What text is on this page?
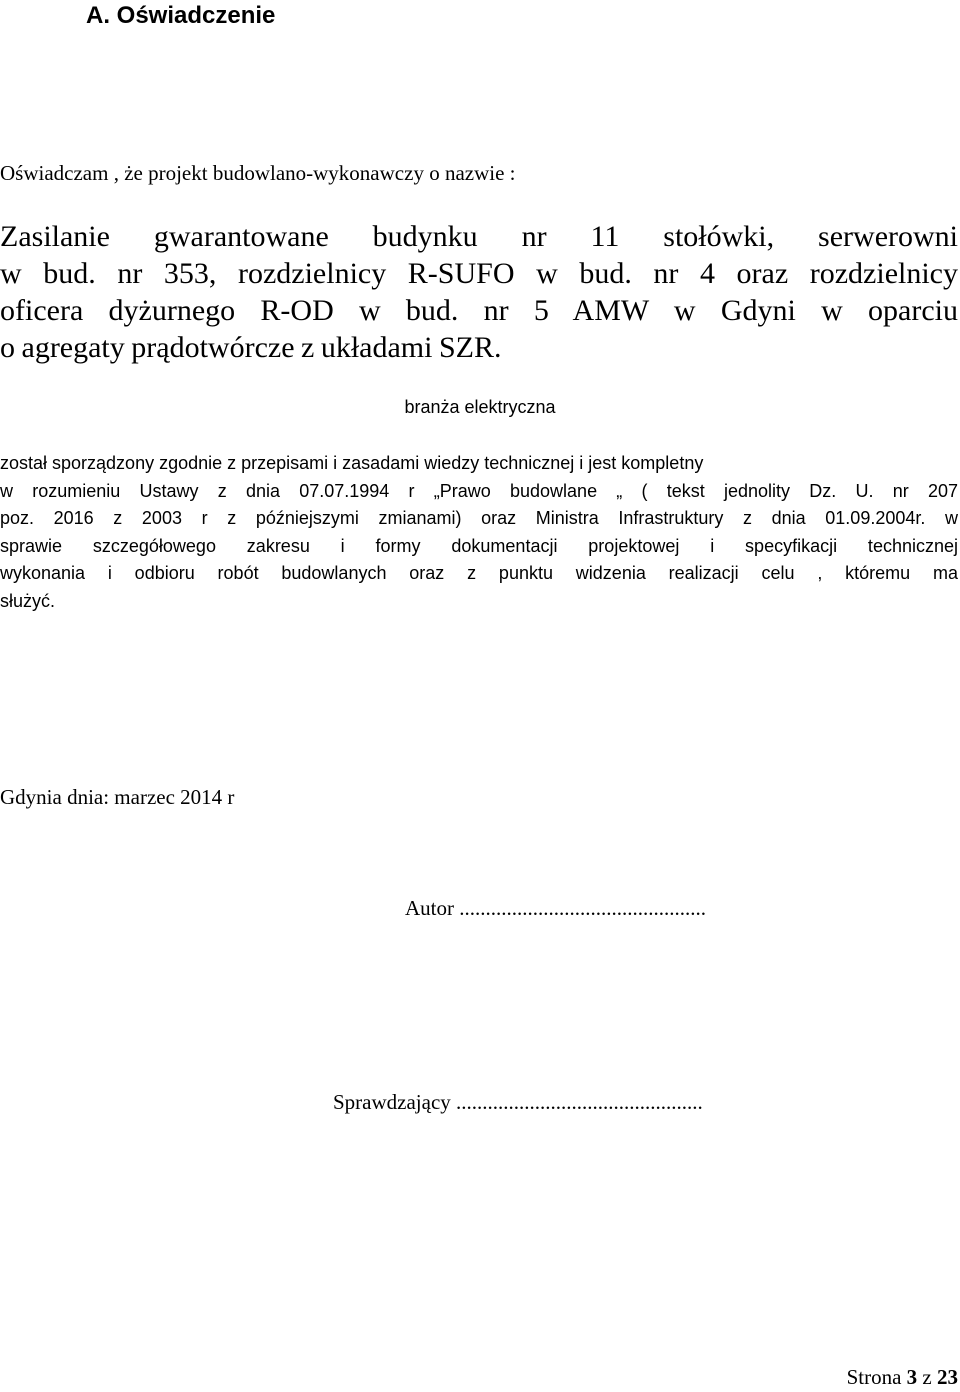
A. Oświadczenie
Oświadczam , że projekt budowlano-wykonawczy o nazwie :
Zasilanie gwarantowane budynku nr 11 stołówki, serwerowni
w bud. nr 353, rozdzielnicy R-SUFO w bud. nr 4 oraz rozdzielnicy
oficera dyżurnego R-OD w bud. nr 5 AMW w Gdyni w oparciu
o agregaty prądotwórcze z układami SZR.
branża elektryczna
został sporządzony zgodnie z przepisami i zasadami wiedzy technicznej i jest kompletny
w rozumieniu Ustawy z dnia 07.07.1994 r „Prawo budowlane „ ( tekst jednolity Dz. U. nr 207
poz. 2016 z 2003 r z późniejszymi zmianami) oraz Ministra Infrastruktury z dnia 01.09.2004r. w
sprawie szczegółowego zakresu i formy dokumentacji projektowej i specyfikacji technicznej
wykonania i odbioru robót budowlanych oraz z punktu widzenia realizacji celu , któremu ma
służyć.
Gdynia dnia: marzec 2014 r
Autor ...............................................
Sprawdzający ...............................................
Strona 3 z 23
